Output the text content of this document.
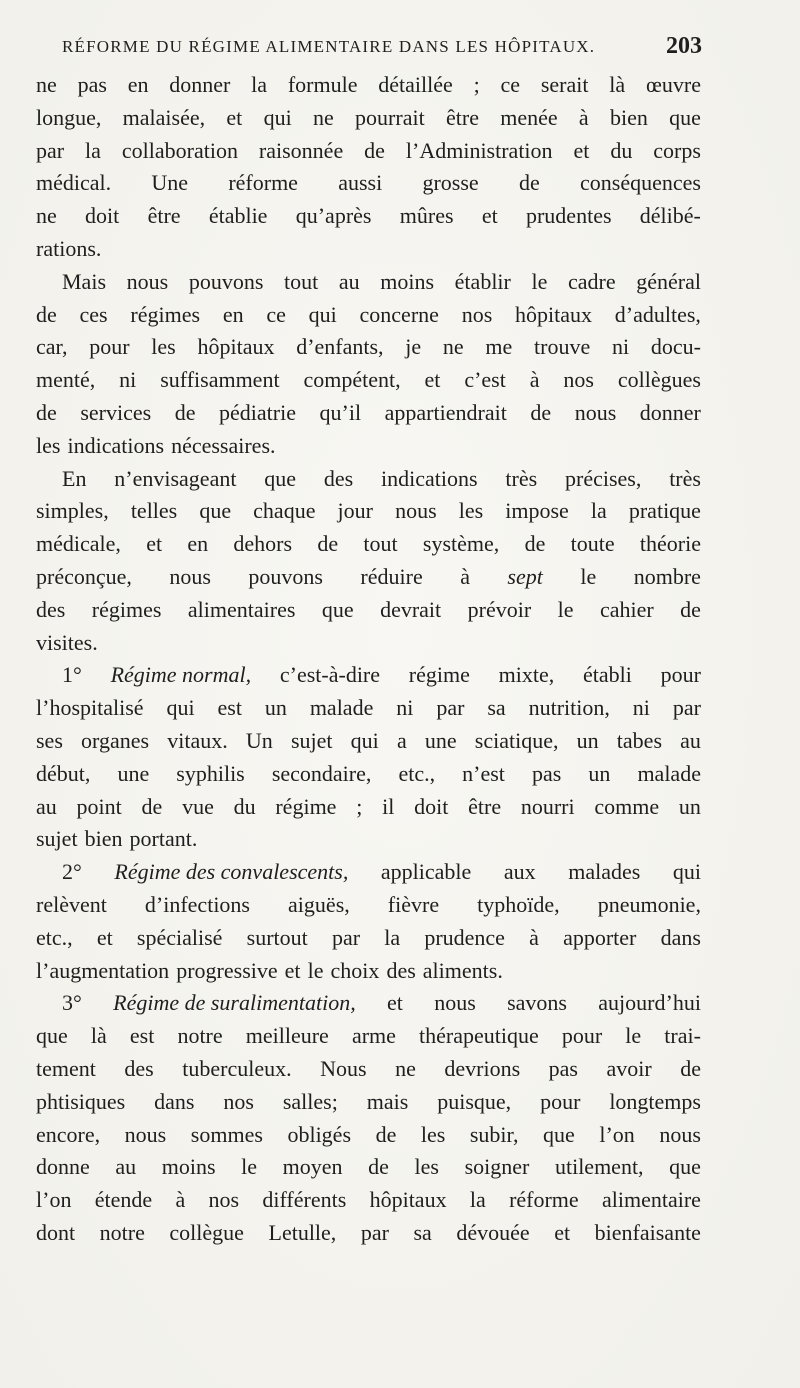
RÉFORME DU RÉGIME ALIMENTAIRE DANS LES HÔPITAUX.	203
ne pas en donner la formule détaillée ; ce serait là œuvre
longue, malaisée, et qui ne pourrait être menée à bien que
par la collaboration raisonnée de l’Administration et du corps
médical. Une réforme aussi grosse de conséquences
ne doit être établie qu’après mûres et prudentes délibé-
rations.
Mais nous pouvons tout au moins établir le cadre général
de ces régimes en ce qui concerne nos hôpitaux d’adultes,
car, pour les hôpitaux d’enfants, je ne me trouve ni docu-
menté, ni suffisamment compétent, et c’est à nos collègues
de services de pédiatrie qu’il appartiendrait de nous donner
les indications nécessaires.
En n’envisageant que des indications très précises, très
simples, telles que chaque jour nous les impose la pratique
médicale, et en dehors de tout système, de toute théorie
préconçue, nous pouvons réduire à sept le nombre
des régimes alimentaires que devrait prévoir le cahier de
visites.
1° Régime normal, c’est-à-dire régime mixte, établi pour
l’hospitalisé qui est un malade ni par sa nutrition, ni par
ses organes vitaux. Un sujet qui a une sciatique, un tabes au
début, une syphilis secondaire, etc., n’est pas un malade
au point de vue du régime ; il doit être nourri comme un
sujet bien portant.
2° Régime des convalescents, applicable aux malades qui
relèvent d’infections aiguës, fièvre typhoïde, pneumonie,
etc., et spécialisé surtout par la prudence à apporter dans
l’augmentation progressive et le choix des aliments.
3° Régime de suralimentation, et nous savons aujourd’hui
que là est notre meilleure arme thérapeutique pour le trai-
tement des tuberculeux. Nous ne devrions pas avoir de
phtisiques dans nos salles; mais puisque, pour longtemps
encore, nous sommes obligés de les subir, que l’on nous
donne au moins le moyen de les soigner utilement, que
l’on étende à nos différents hôpitaux la réforme alimentaire
dont notre collègue Letulle, par sa dévouée et bienfaisante
